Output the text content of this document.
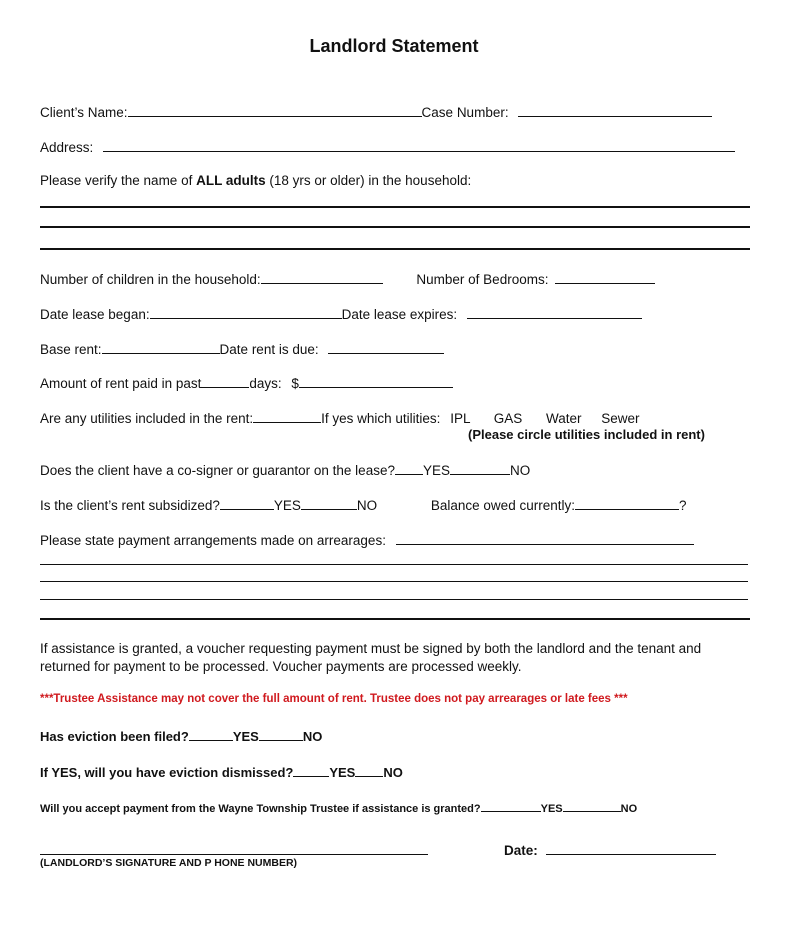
Landlord Statement
Client’s Name:	Case Number:
Address:
Please verify the name of ALL adults (18 yrs or older) in the household:
Number of children in the household:	Number of Bedrooms:
Date lease began:	Date lease expires:
Base rent:	Date rent is due:
Amount of rent paid in past	days: $
Are any utilities included in the rent:	If yes which utilities: IPL GAS Water Sewer
(Please circle utilities included in rent)
Does the client have a co-signer or guarantor on the lease? YES	NO
Is the client’s rent subsidized?	YES	NO	Balance owed currently:	?
Please state payment arrangements made on arrearages:
If assistance is granted, a voucher requesting payment must be signed by both the landlord and the tenant and returned for payment to be processed. Voucher payments are processed weekly.
***Trustee Assistance may not cover the full amount of rent. Trustee does not pay arrearages or late fees ***
Has eviction been filed?	YES	NO
If YES, will you have eviction dismissed?	YES NO
Will you accept payment from the Wayne Township Trustee if assistance is granted?	YES	NO
(LANDLORD’S SIGNATURE AND P HONE NUMBER)
Date:
